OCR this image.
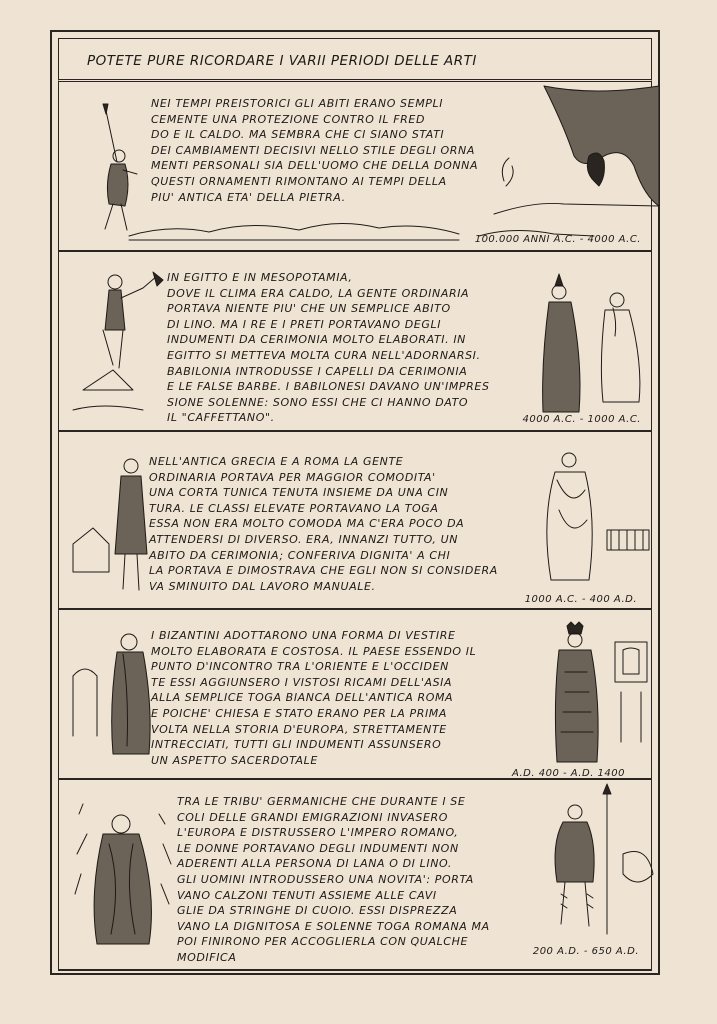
POTETE PURE RICORDARE I VARII PERIODI DELLE ARTI
NEI TEMPI PREISTORICI GLI ABITI ERANO SEMPLI
CEMENTE UNA PROTEZIONE CONTRO IL FRED
DO E IL CALDO. MA SEMBRA CHE CI SIANO STATI
DEI CAMBIAMENTI DECISIVI NELLO STILE DEGLI ORNA
MENTI PERSONALI SIA DELL'UOMO CHE DELLA DONNA
QUESTI ORNAMENTI RIMONTANO AI TEMPI DELLA
PIU' ANTICA ETA' DELLA PIETRA.
100.000 ANNI A.C. - 4000 A.C.
IN EGITTO E IN MESOPOTAMIA,
DOVE IL CLIMA ERA CALDO, LA GENTE ORDINARIA
PORTAVA NIENTE PIU' CHE UN SEMPLICE ABITO
DI LINO. MA I RE E I PRETI PORTAVANO DEGLI
INDUMENTI DA CERIMONIA MOLTO ELABORATI. IN
EGITTO SI METTEVA MOLTA CURA NELL'ADORNARSI.
BABILONIA INTRODUSSE I CAPELLI DA CERIMONIA
E LE FALSE BARBE. I BABILONESI DAVANO UN'IMPRES
SIONE SOLENNE: SONO ESSI CHE CI HANNO DATO
IL "CAFFETTANO".	4000 A.C. - 1000 A.C.
NELL'ANTICA GRECIA E A ROMA LA GENTE
ORDINARIA PORTAVA PER MAGGIOR COMODITA'
UNA CORTA TUNICA TENUTA INSIEME DA UNA CIN
TURA. LE CLASSI ELEVATE PORTAVANO LA TOGA
ESSA NON ERA MOLTO COMODA MA C'ERA POCO DA
ATTENDERSI DI DIVERSO. ERA, INNANZI TUTTO, UN
ABITO DA CERIMONIA; CONFERIVA DIGNITA' A CHI
LA PORTAVA E DIMOSTRAVA CHE EGLI NON SI CONSIDERA
VA SMINUITO DAL LAVORO MANUALE.
1000 A.C. - 400 A.D.
I BIZANTINI ADOTTARONO UNA FORMA DI VESTIRE
MOLTO ELABORATA E COSTOSA. IL PAESE ESSENDO IL
PUNTO D'INCONTRO TRA L'ORIENTE E L'OCCIDEN
TE ESSI AGGIUNSERO I VISTOSI RICAMI DELL'ASIA
ALLA SEMPLICE TOGA BIANCA DELL'ANTICA ROMA
E POICHE' CHIESA E STATO ERANO PER LA PRIMA
VOLTA NELLA STORIA D'EUROPA, STRETTAMENTE
INTRECCIATI, TUTTI GLI INDUMENTI ASSUNSERO
UN ASPETTO SACERDOTALE
A.D. 400 - A.D. 1400
TRA LE TRIBU' GERMANICHE CHE DURANTE I SE
COLI DELLE GRANDI EMIGRAZIONI INVASERO
L'EUROPA E DISTRUSSERO L'IMPERO ROMANO,
LE DONNE PORTAVANO DEGLI INDUMENTI NON
ADERENTI ALLA PERSONA DI LANA O DI LINO.
GLI UOMINI INTRODUSSERO UNA NOVITA': PORTA
VANO CALZONI TENUTI ASSIEME ALLE CAVI
GLIE DA STRINGHE DI CUOIO. ESSI DISPREZZA
VANO LA DIGNITOSA E SOLENNE TOGA ROMANA MA
POI FINIRONO PER ACCOGLIERLA CON QUALCHE
MODIFICA	200 A.D. - 650 A.D.
